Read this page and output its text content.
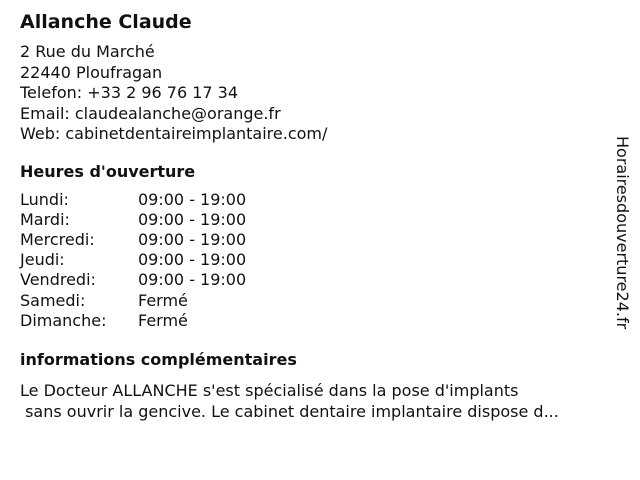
Allanche Claude
2 Rue du Marché
22440 Ploufragan
Telefon: +33 2 96 76 17 34
Email: claudealanche@orange.fr
Web: cabinetdentaireimplantaire.com/
Heures d'ouverture
Lundi:	09:00 - 19:00
Mardi:	09:00 - 19:00
Mercredi:	09:00 - 19:00
Jeudi:	09:00 - 19:00
Vendredi:	09:00 - 19:00
Samedi:	Fermé
Dimanche:	Fermé
informations complémentaires
Le Docteur ALLANCHE s'est spécialisé dans la pose d'implants
sans ouvrir la gencive. Le cabinet dentaire implantaire dispose d...
Horairesdouverture24.fr
